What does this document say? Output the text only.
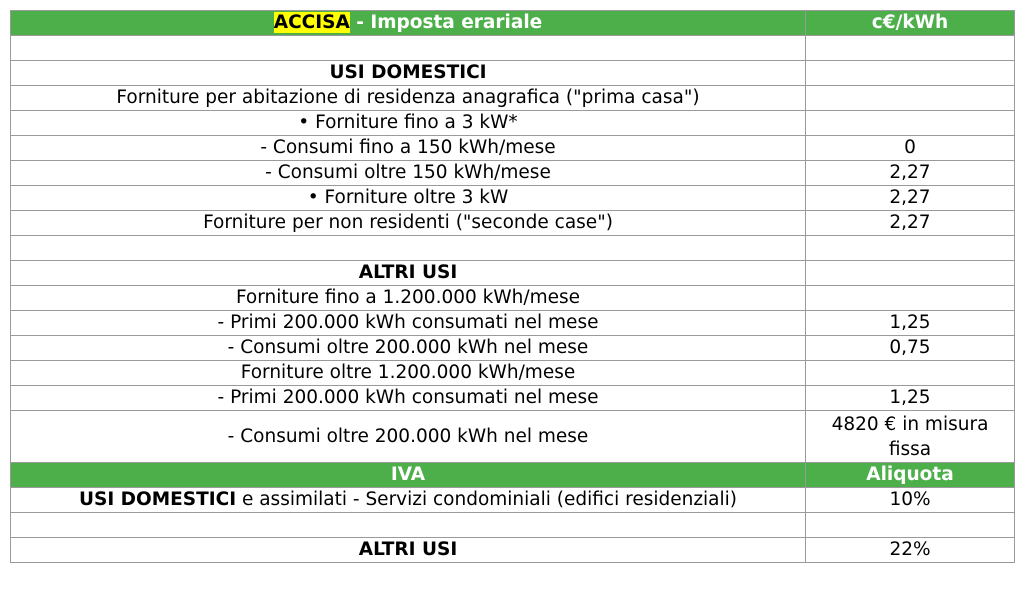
ACCISA - Imposta erariale	c€/kWh

USI DOMESTICI	
Forniture per abitazione di residenza anagrafica ("prima casa")	
• Forniture fino a 3 kW*	
- Consumi fino a 150 kWh/mese	0
- Consumi oltre 150 kWh/mese	2,27
• Forniture oltre 3 kW	2,27
Forniture per non residenti ("seconde case")	2,27

ALTRI USI	
Forniture fino a 1.200.000 kWh/mese	
- Primi 200.000 kWh consumati nel mese	1,25
- Consumi oltre 200.000 kWh nel mese	0,75
Forniture oltre 1.200.000 kWh/mese	
- Primi 200.000 kWh consumati nel mese	1,25
- Consumi oltre 200.000 kWh nel mese	4820 € in misura fissa
IVA	Aliquota
USI DOMESTICI e assimilati - Servizi condominiali (edifici residenziali)	10%

ALTRI USI	22%
